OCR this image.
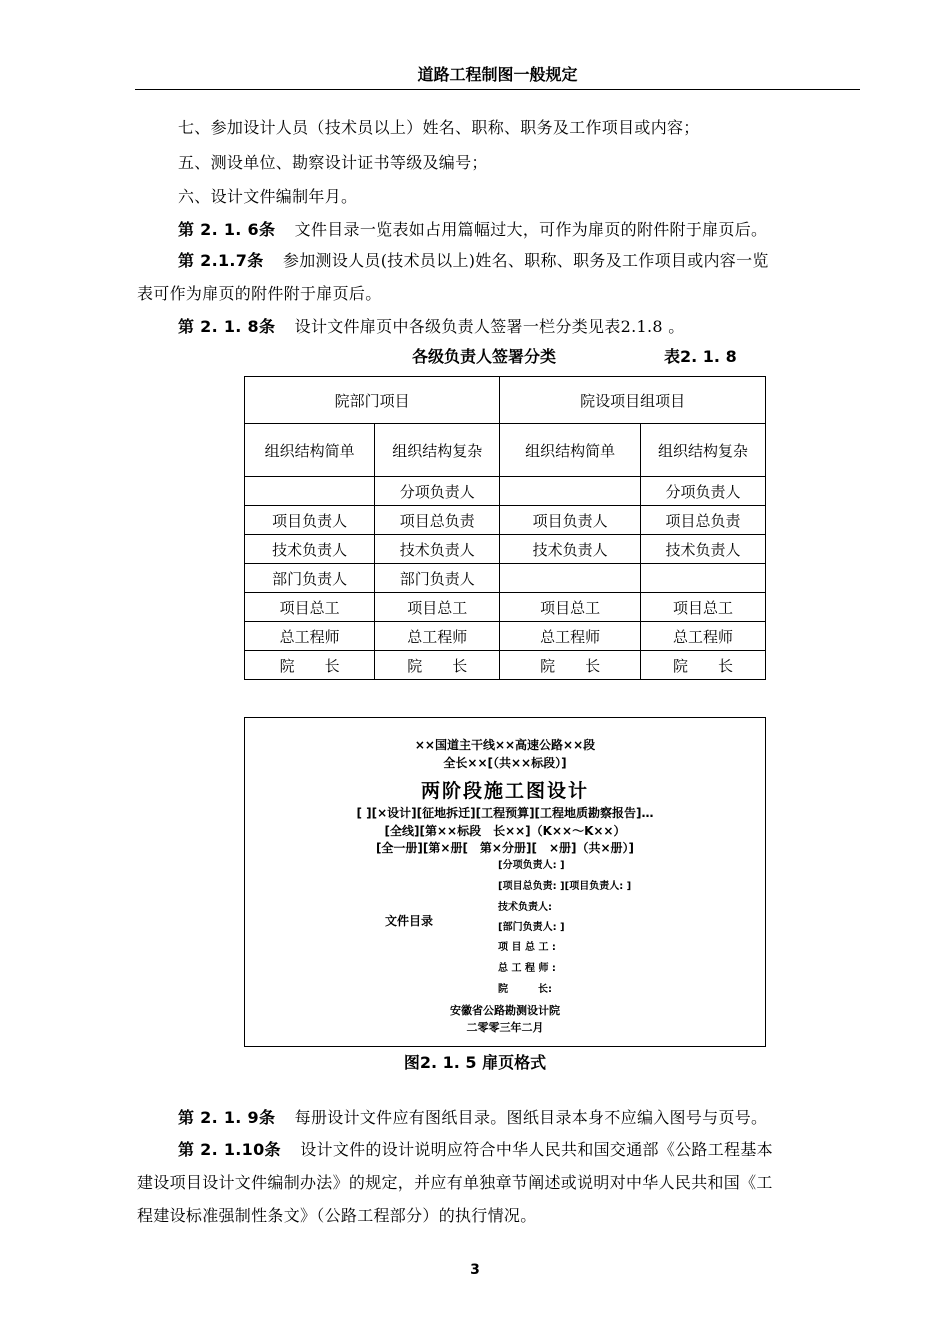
道路工程制图一般规定
七、参加设计人员（技术员以上）姓名、职称、职务及工作项目或内容；
五、测设单位、勘察设计证书等级及编号；
六、设计文件编制年月。
第 2. 1. 6条 文件目录一览表如占用篇幅过大，可作为扉页的附件附于扉页后。
第 2.1.7条 参加测设人员(技术员以上)姓名、职称、职务及工作项目或内容一览
表可作为扉页的附件附于扉页后。
第 2. 1. 8条 设计文件扉页中各级负责人签署一栏分类见表2.1.8 。
各级负责人签署分类	表2. 1. 8
院部门项目		院设项目组项目	
组织结构简单	组织结构复杂	组织结构简单	组织结构复杂
	分项负责人		分项负责人
项目负责人	项目总负责	项目负责人	项目总负责
技术负责人	技术负责人	技术负责人	技术负责人
部门负责人	部门负责人		
项目总工	项目总工	项目总工	项目总工
总工程师	总工程师	总工程师	总工程师
院　　长	院　　长	院　　长	院　　长
××国道主干线××高速公路××段
全长××[（共××标段）]
两阶段施工图设计
[ ][×设计][征地拆迁][工程预算][工程地质勘察报告]…
[全线][第××标段　长××]（K××～K××）
[全一册][第×册[　第×分册][　×册]（共×册）]
文件目录
[分项负责人: ]
[项目总负责: ][项目负责人: ]
技术负责人:
[部门负责人: ]
项 目 总 工 :
总 工 程 师 :
院　　　长:
安徽省公路勘测设计院
二零零三年二月
图2. 1. 5 扉页格式
第 2. 1. 9条 每册设计文件应有图纸目录。图纸目录本身不应编入图号与页号。
第 2. 1.10条 设计文件的设计说明应符合中华人民共和国交通部《公路工程基本
建设项目设计文件编制办法》的规定，并应有单独章节阐述或说明对中华人民共和国《工
程建设标准强制性条文》（公路工程部分）的执行情况。
3
